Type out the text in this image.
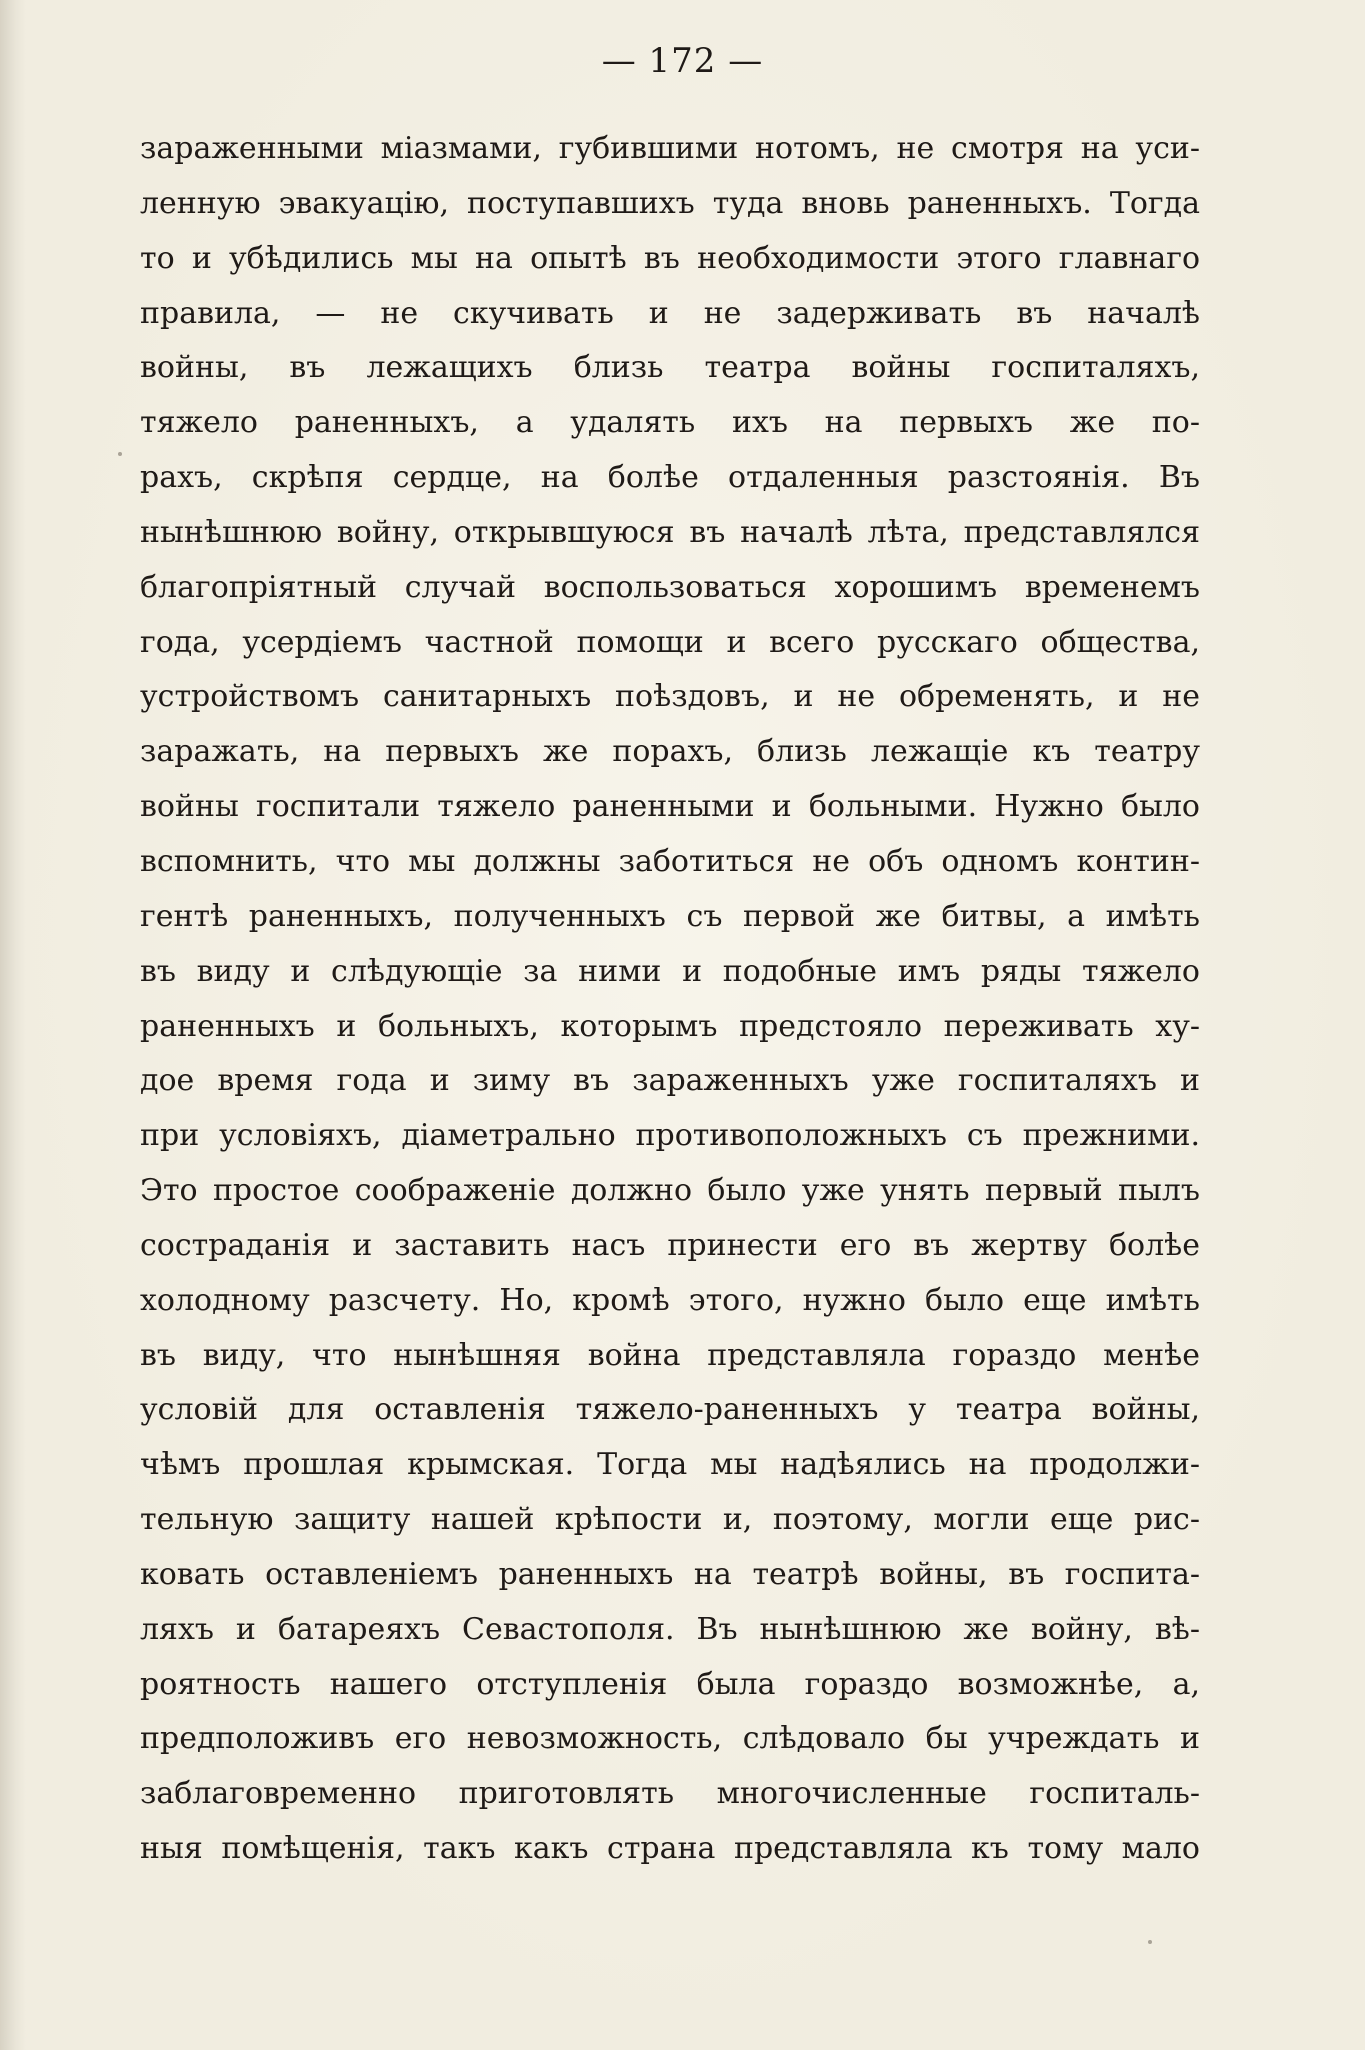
— 172 —
зараженными міазмами, губившими нотомъ, не смотря на уси-
ленную эвакуацію, поступавшихъ туда вновь раненныхъ. Тогда
то и убѣдились мы на опытѣ въ необходимости этого главнаго
правила, — не скучивать и не задерживать въ началѣ
войны, въ лежащихъ близь театра войны госпиталяхъ,
тяжело раненныхъ, а удалять ихъ на первыхъ же по-
рахъ, скрѣпя сердце, на болѣе отдаленныя разстоянія. Въ
нынѣшнюю войну, открывшуюся въ началѣ лѣта, представлялся
благопріятный случай воспользоваться хорошимъ временемъ
года, усердіемъ частной помощи и всего русскаго общества,
устройствомъ санитарныхъ поѣздовъ, и не обременять, и не
заражать, на первыхъ же порахъ, близь лежащіе къ театру
войны госпитали тяжело раненными и больными. Нужно было
вспомнить, что мы должны заботиться не объ одномъ контин-
гентѣ раненныхъ, полученныхъ съ первой же битвы, а имѣть
въ виду и слѣдующіе за ними и подобные имъ ряды тяжело
раненныхъ и больныхъ, которымъ предстояло переживать ху-
дое время года и зиму въ зараженныхъ уже госпиталяхъ и
при условіяхъ, діаметрально противоположныхъ съ прежними.
Это простое соображеніе должно было уже унять первый пылъ
состраданія и заставить насъ принести его въ жертву болѣе
холодному разсчету. Но, кромѣ этого, нужно было еще имѣть
въ виду, что нынѣшняя война представляла гораздо менѣе
условій для оставленія тяжело-раненныхъ у театра войны,
чѣмъ прошлая крымская. Тогда мы надѣялись на продолжи-
тельную защиту нашей крѣпости и, поэтому, могли еще рис-
ковать оставленіемъ раненныхъ на театрѣ войны, въ госпита-
ляхъ и батареяхъ Севастополя. Въ нынѣшнюю же войну, вѣ-
роятность нашего отступленія была гораздо возможнѣе, а,
предположивъ его невозможность, слѣдовало бы учреждать и
заблаговременно приготовлять многочисленные госпиталь-
ныя помѣщенія, такъ какъ страна представляла къ тому мало
